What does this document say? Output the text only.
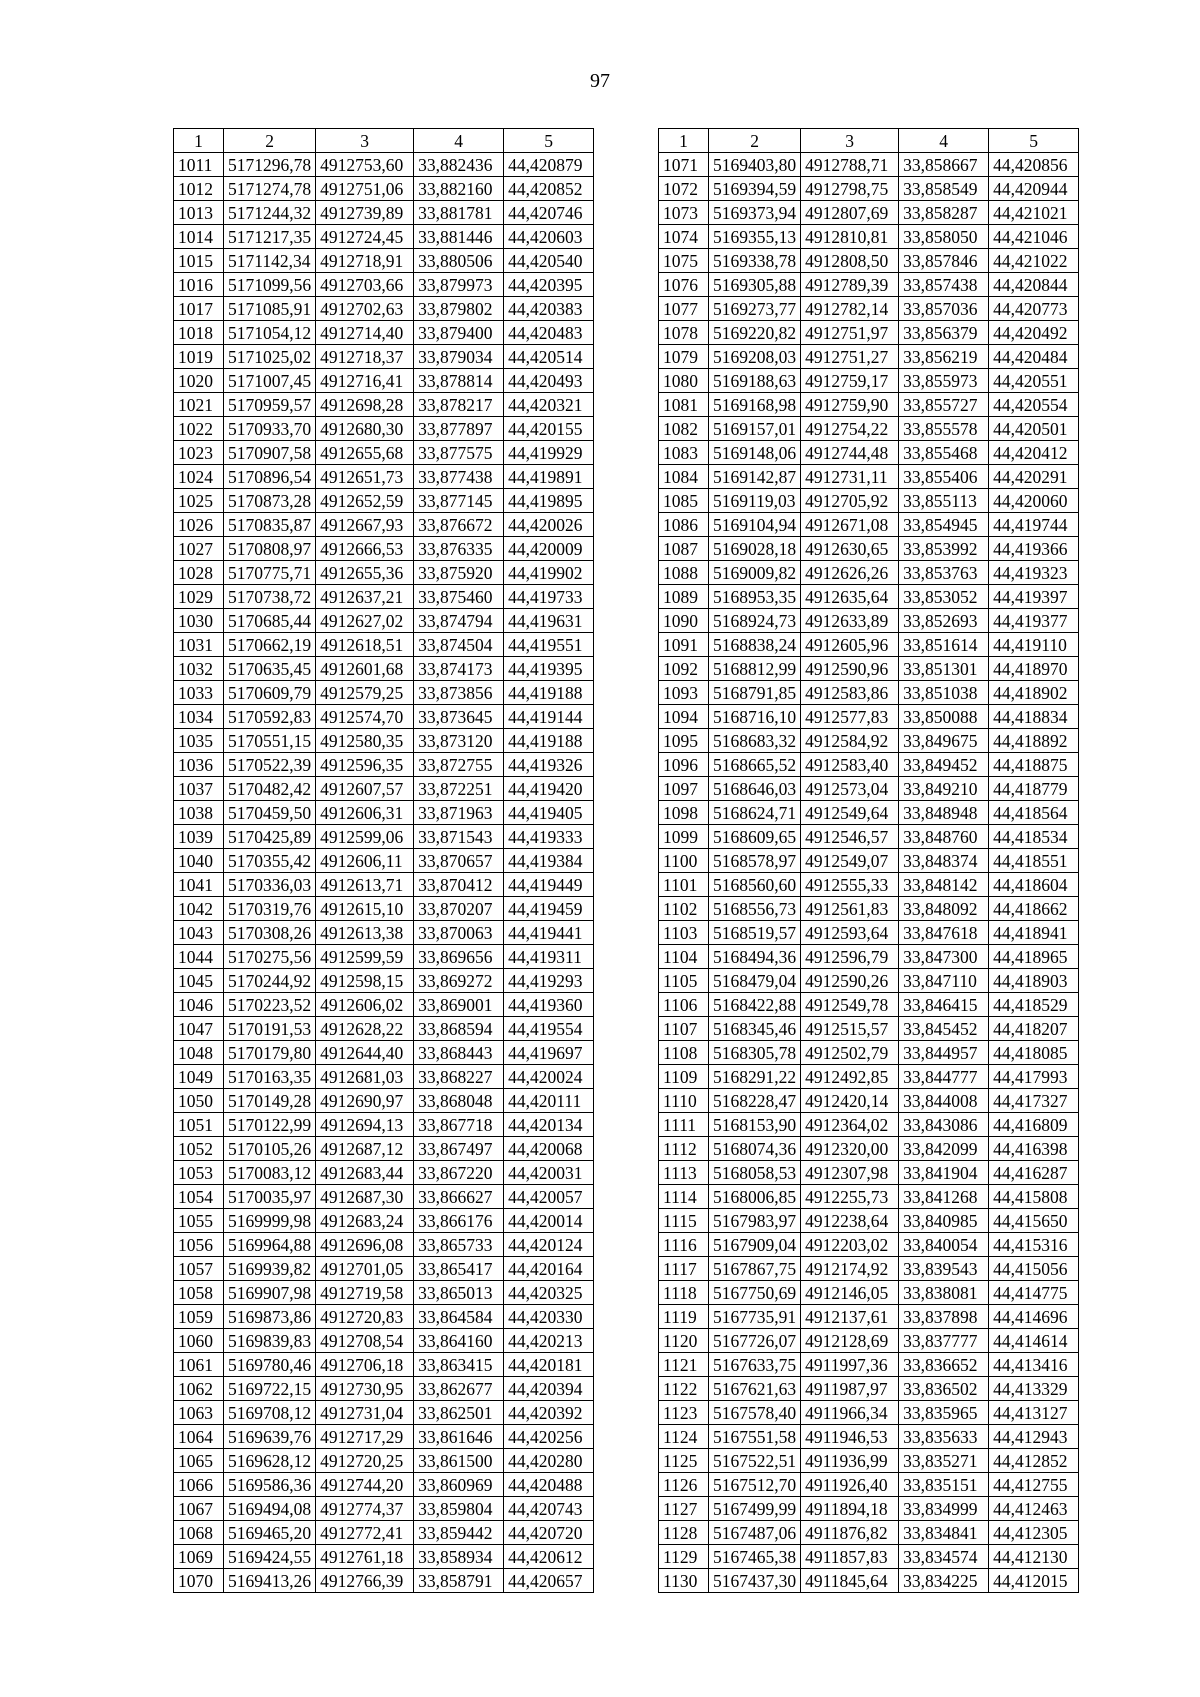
97
1	2	3	4	5
1011	5171296,78	4912753,60	33,882436	44,420879
1012	5171274,78	4912751,06	33,882160	44,420852
1013	5171244,32	4912739,89	33,881781	44,420746
1014	5171217,35	4912724,45	33,881446	44,420603
1015	5171142,34	4912718,91	33,880506	44,420540
1016	5171099,56	4912703,66	33,879973	44,420395
1017	5171085,91	4912702,63	33,879802	44,420383
1018	5171054,12	4912714,40	33,879400	44,420483
1019	5171025,02	4912718,37	33,879034	44,420514
1020	5171007,45	4912716,41	33,878814	44,420493
1021	5170959,57	4912698,28	33,878217	44,420321
1022	5170933,70	4912680,30	33,877897	44,420155
1023	5170907,58	4912655,68	33,877575	44,419929
1024	5170896,54	4912651,73	33,877438	44,419891
1025	5170873,28	4912652,59	33,877145	44,419895
1026	5170835,87	4912667,93	33,876672	44,420026
1027	5170808,97	4912666,53	33,876335	44,420009
1028	5170775,71	4912655,36	33,875920	44,419902
1029	5170738,72	4912637,21	33,875460	44,419733
1030	5170685,44	4912627,02	33,874794	44,419631
1031	5170662,19	4912618,51	33,874504	44,419551
1032	5170635,45	4912601,68	33,874173	44,419395
1033	5170609,79	4912579,25	33,873856	44,419188
1034	5170592,83	4912574,70	33,873645	44,419144
1035	5170551,15	4912580,35	33,873120	44,419188
1036	5170522,39	4912596,35	33,872755	44,419326
1037	5170482,42	4912607,57	33,872251	44,419420
1038	5170459,50	4912606,31	33,871963	44,419405
1039	5170425,89	4912599,06	33,871543	44,419333
1040	5170355,42	4912606,11	33,870657	44,419384
1041	5170336,03	4912613,71	33,870412	44,419449
1042	5170319,76	4912615,10	33,870207	44,419459
1043	5170308,26	4912613,38	33,870063	44,419441
1044	5170275,56	4912599,59	33,869656	44,419311
1045	5170244,92	4912598,15	33,869272	44,419293
1046	5170223,52	4912606,02	33,869001	44,419360
1047	5170191,53	4912628,22	33,868594	44,419554
1048	5170179,80	4912644,40	33,868443	44,419697
1049	5170163,35	4912681,03	33,868227	44,420024
1050	5170149,28	4912690,97	33,868048	44,420111
1051	5170122,99	4912694,13	33,867718	44,420134
1052	5170105,26	4912687,12	33,867497	44,420068
1053	5170083,12	4912683,44	33,867220	44,420031
1054	5170035,97	4912687,30	33,866627	44,420057
1055	5169999,98	4912683,24	33,866176	44,420014
1056	5169964,88	4912696,08	33,865733	44,420124
1057	5169939,82	4912701,05	33,865417	44,420164
1058	5169907,98	4912719,58	33,865013	44,420325
1059	5169873,86	4912720,83	33,864584	44,420330
1060	5169839,83	4912708,54	33,864160	44,420213
1061	5169780,46	4912706,18	33,863415	44,420181
1062	5169722,15	4912730,95	33,862677	44,420394
1063	5169708,12	4912731,04	33,862501	44,420392
1064	5169639,76	4912717,29	33,861646	44,420256
1065	5169628,12	4912720,25	33,861500	44,420280
1066	5169586,36	4912744,20	33,860969	44,420488
1067	5169494,08	4912774,37	33,859804	44,420743
1068	5169465,20	4912772,41	33,859442	44,420720
1069	5169424,55	4912761,18	33,858934	44,420612
1070	5169413,26	4912766,39	33,858791	44,420657
1	2	3	4	5
1071	5169403,80	4912788,71	33,858667	44,420856
1072	5169394,59	4912798,75	33,858549	44,420944
1073	5169373,94	4912807,69	33,858287	44,421021
1074	5169355,13	4912810,81	33,858050	44,421046
1075	5169338,78	4912808,50	33,857846	44,421022
1076	5169305,88	4912789,39	33,857438	44,420844
1077	5169273,77	4912782,14	33,857036	44,420773
1078	5169220,82	4912751,97	33,856379	44,420492
1079	5169208,03	4912751,27	33,856219	44,420484
1080	5169188,63	4912759,17	33,855973	44,420551
1081	5169168,98	4912759,90	33,855727	44,420554
1082	5169157,01	4912754,22	33,855578	44,420501
1083	5169148,06	4912744,48	33,855468	44,420412
1084	5169142,87	4912731,11	33,855406	44,420291
1085	5169119,03	4912705,92	33,855113	44,420060
1086	5169104,94	4912671,08	33,854945	44,419744
1087	5169028,18	4912630,65	33,853992	44,419366
1088	5169009,82	4912626,26	33,853763	44,419323
1089	5168953,35	4912635,64	33,853052	44,419397
1090	5168924,73	4912633,89	33,852693	44,419377
1091	5168838,24	4912605,96	33,851614	44,419110
1092	5168812,99	4912590,96	33,851301	44,418970
1093	5168791,85	4912583,86	33,851038	44,418902
1094	5168716,10	4912577,83	33,850088	44,418834
1095	5168683,32	4912584,92	33,849675	44,418892
1096	5168665,52	4912583,40	33,849452	44,418875
1097	5168646,03	4912573,04	33,849210	44,418779
1098	5168624,71	4912549,64	33,848948	44,418564
1099	5168609,65	4912546,57	33,848760	44,418534
1100	5168578,97	4912549,07	33,848374	44,418551
1101	5168560,60	4912555,33	33,848142	44,418604
1102	5168556,73	4912561,83	33,848092	44,418662
1103	5168519,57	4912593,64	33,847618	44,418941
1104	5168494,36	4912596,79	33,847300	44,418965
1105	5168479,04	4912590,26	33,847110	44,418903
1106	5168422,88	4912549,78	33,846415	44,418529
1107	5168345,46	4912515,57	33,845452	44,418207
1108	5168305,78	4912502,79	33,844957	44,418085
1109	5168291,22	4912492,85	33,844777	44,417993
1110	5168228,47	4912420,14	33,844008	44,417327
1111	5168153,90	4912364,02	33,843086	44,416809
1112	5168074,36	4912320,00	33,842099	44,416398
1113	5168058,53	4912307,98	33,841904	44,416287
1114	5168006,85	4912255,73	33,841268	44,415808
1115	5167983,97	4912238,64	33,840985	44,415650
1116	5167909,04	4912203,02	33,840054	44,415316
1117	5167867,75	4912174,92	33,839543	44,415056
1118	5167750,69	4912146,05	33,838081	44,414775
1119	5167735,91	4912137,61	33,837898	44,414696
1120	5167726,07	4912128,69	33,837777	44,414614
1121	5167633,75	4911997,36	33,836652	44,413416
1122	5167621,63	4911987,97	33,836502	44,413329
1123	5167578,40	4911966,34	33,835965	44,413127
1124	5167551,58	4911946,53	33,835633	44,412943
1125	5167522,51	4911936,99	33,835271	44,412852
1126	5167512,70	4911926,40	33,835151	44,412755
1127	5167499,99	4911894,18	33,834999	44,412463
1128	5167487,06	4911876,82	33,834841	44,412305
1129	5167465,38	4911857,83	33,834574	44,412130
1130	5167437,30	4911845,64	33,834225	44,412015
